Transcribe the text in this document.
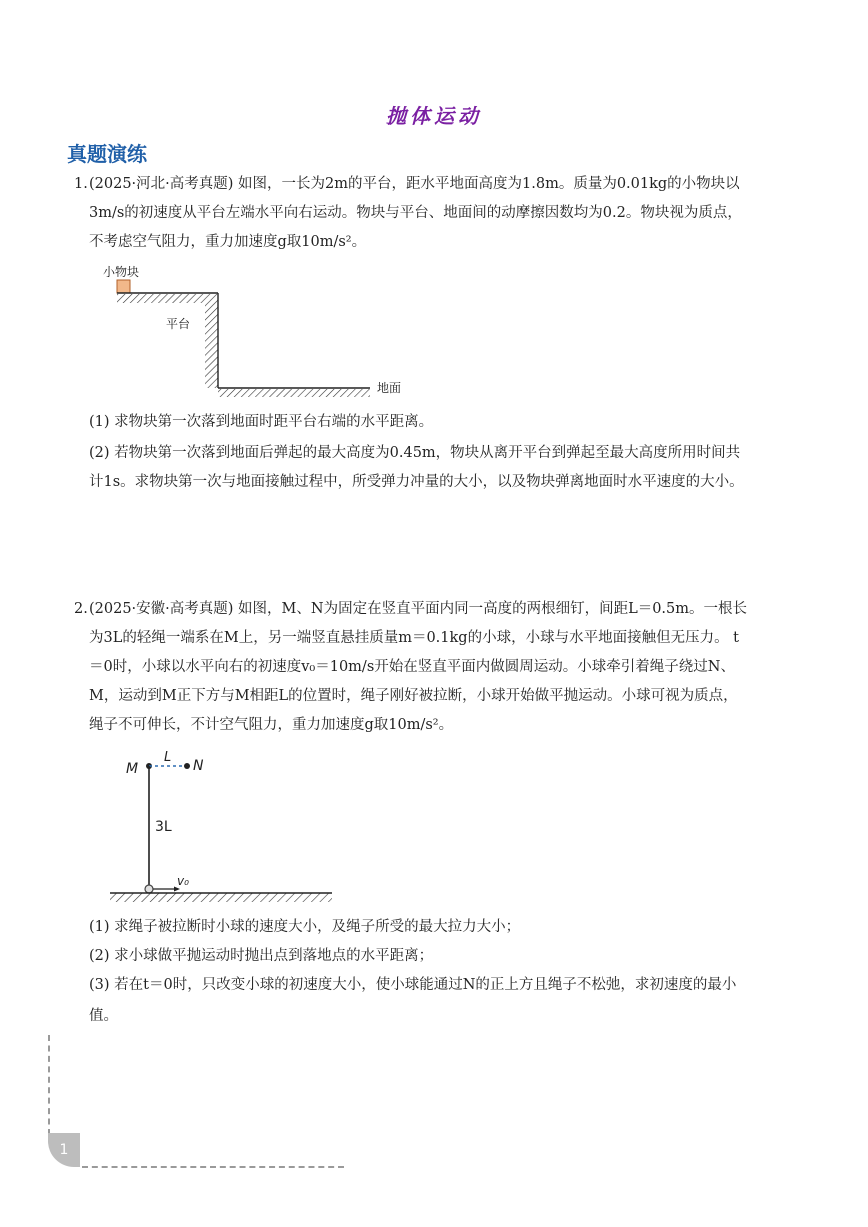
抛体运动
真题演练
1. (2025·河北·高考真题) 如图，一长为2m的平台，距水平地面高度为1.8m。质量为0.01kg的小物块以

3m/s的初速度从平台左端水平向右运动。物块与平台、地面间的动摩擦因数均为0.2。物块视为质点，

不考虑空气阻力，重力加速度g取10m/s²。

小物块
平台
地面

(1) 求物块第一次落到地面时距平台右端的水平距离。

(2) 若物块第一次落到地面后弹起的最大高度为0.45m，物块从离开平台到弹起至最大高度所用时间共

计1s。求物块第一次与地面接触过程中，所受弹力冲量的大小，以及物块弹离地面时水平速度的大小。

2. (2025·安徽·高考真题) 如图，M、N为固定在竖直平面内同一高度的两根细钉，间距L＝0.5m。一根长

为3L的轻绳一端系在M上，另一端竖直悬挂质量m＝0.1kg的小球，小球与水平地面接触但无压力。 t

＝0时，小球以水平向右的初速度v₀＝10m/s开始在竖直平面内做圆周运动。小球牵引着绳子绕过N、

M，运动到M正下方与M相距L的位置时，绳子刚好被拉断，小球开始做平抛运动。小球可视为质点，

绳子不可伸长，不计空气阻力，重力加速度g取10m/s²。

M	N
L
3L
v₀

(1) 求绳子被拉断时小球的速度大小，及绳子所受的最大拉力大小；

(2) 求小球做平抛运动时抛出点到落地点的水平距离；

(3) 若在t＝0时，只改变小球的初速度大小，使小球能通过N的正上方且绳子不松弛，求初速度的最小

值。

1
